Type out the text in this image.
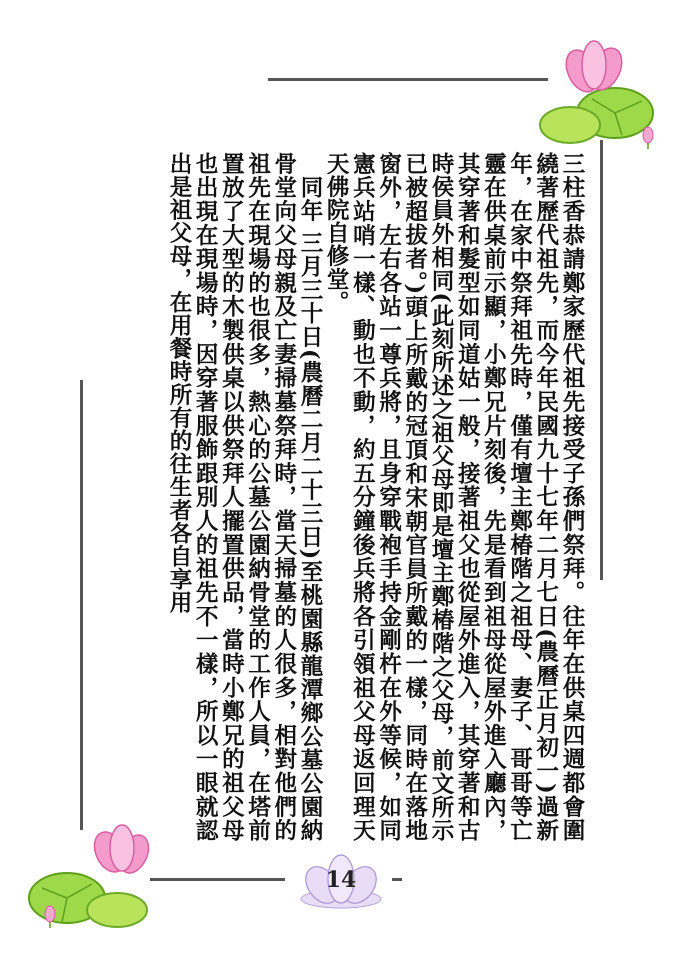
三柱香恭請鄭家歷代祖先接受子孫們祭拜。往年在供桌四週都會圍繞著歷代祖先，而今年民國九十七年二月七日(農曆正月初一)過新年，在家中祭拜祖先時，僅有壇主鄭椿階之祖母、妻子、哥哥等亡靈在供桌前示顯，小鄭兄片刻後，先是看到祖母從屋外進入廳內，其穿著和髮型如同道姑一般，接著祖父也從屋外進入，其穿著和古時侯員外相同(此刻所述之祖父母即是壇主鄭椿階之父母，前文所示已被超拔者。)頭上所戴的冠頂和宋朝官員所戴的一樣，同時在落地窗外，左右各站一尊兵將，且身穿戰袍手持金剛杵在外等候，如同憲兵站哨一樣、動也不動，約五分鐘後兵將各引領祖父母返回理天天佛院自修堂。

　同年 三月三十日(農曆二月二十三日)至桃園縣龍潭鄉公墓公園納骨堂向父母親及亡妻掃墓祭拜時，當天掃墓的人很多，相對他們的祖先在現場的也很多，熱心的公墓公園納骨堂的工作人員，在塔前置放了大型的木製供桌以供祭拜人擺置供品，當時小鄭兄的祖父母也出現在現場時，因穿著服飾跟別人的祖先不一樣，所以一眼就認出是祖父母，在用餐時所有的往生者各自享用

14
